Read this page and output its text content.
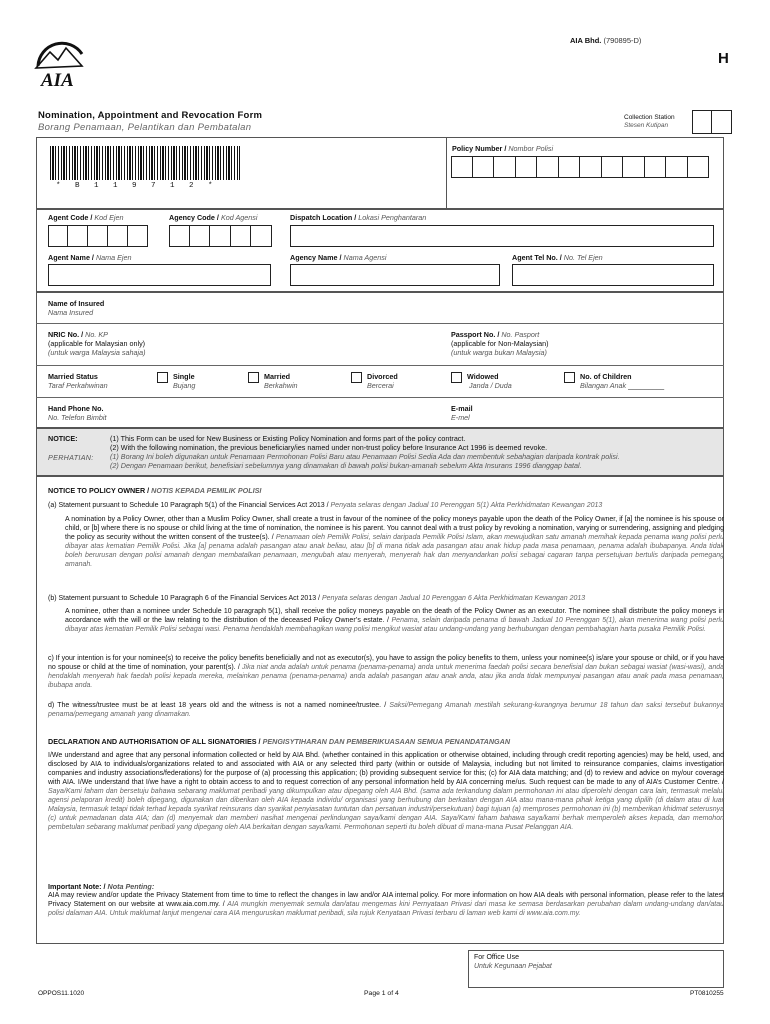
AIA
AIA Bhd. (790895-D)
H
Nomination, Appointment and Revocation Form
Borang Penamaan, Pelantikan dan Pembatalan
Collection Station
Stesen Kutipan
* B 1 1 9 7 1 2 *
Policy Number / Nombor Polisi
Agent Code / Kod Ejen	Agency Code / Kod Agensi	Dispatch Location / Lokasi Penghantaran
Agent Name / Nama Ejen	Agency Name / Nama Agensi	Agent Tel No. / No. Tel Ejen
Name of Insured
Nama Insured
NRIC No. / No. KP
(applicable for Malaysian only)
(untuk warga Malaysia sahaja)
Passport No. / No. Pasport
(applicable for Non-Malaysian)
(untuk warga bukan Malaysia)
Married Status
Taraf Perkahwinan
Single
Bujang
Married
Berkahwin
Divorced
Bercerai
Widowed
Janda / Duda
No. of Children
Bilangan Anak _________
Hand Phone No.
No. Telefon Bimbit
E-mail
E-mel
NOTICE:
PERHATIAN:
(1) This Form can be used for New Business or Existing Policy Nomination and forms part of the policy contract.
(2) With the following nomination, the previous beneficiary/ies named under non-trust policy before Insurance Act 1996 is deemed revoke.
(1) Borang Ini boleh digunakan untuk Penamaan Permohonan Polisi Baru atau Penamaan Polisi Sedia Ada dan membentuk sebahagian daripada kontrak polisi.
(2) Dengan Penamaan berikut, benefisiari sebelumnya yang dinamakan di bawah polisi bukan-amanah sebelum Akta Insurans 1996 dianggap batal.
NOTICE TO POLICY OWNER / NOTIS KEPADA PEMILIK POLISI
(a) Statement pursuant to Schedule 10 Paragraph 5(1) of the Financial Services Act 2013 / Penyata selaras dengan Jadual 10 Perenggan 5(1) Akta Perkhidmatan Kewangan 2013
A nomination by a Policy Owner, other than a Muslim Policy Owner, shall create a trust in favour of the nominee of the policy moneys payable upon the death of the Policy Owner, if [a] the nominee is his spouse or child, or [b] where there is no spouse or child living at the time of nomination, the nominee is his parent. You cannot deal with a trust policy by revoking a nomination, varying or surrendering, assigning and pledging the policy as security without the written consent of the trustee(s). / Penamaan oleh Pemilik Polisi, selain daripada Pemilik Polisi Islam, akan mewujudkan satu amanah memihak kepada penama wang polisi perlu dibayar atas kematian Pemilik Polisi. Jika [a] penama adalah pasangan atau anak beliau, atau [b] di mana tidak ada pasangan atau anak hidup pada masa penamaan, penama adalah ibubapanya. Anda tidak boleh berurusan dengan polisi amanah dengan membatalkan penamaan, mengubah atau menyerah, menyerah hak dan menyandarkan polisi sebagai cagaran tanpa persetujuan bertulis daripada pemegang amanah.
(b) Statement pursuant to Schedule 10 Paragraph 6 of the Financial Services Act 2013 / Penyata selaras dengan Jadual 10 Perenggan 6 Akta Perkhidmatan Kewangan 2013
A nominee, other than a nominee under Schedule 10 paragraph 5(1), shall receive the policy moneys payable on the death of the Policy Owner as an executor. The nominee shall distribute the policy moneys in accordance with the will or the law relating to the distribution of the deceased Policy Owner’s estate. / Penama, selain daripada penama di bawah Jadual 10 Perenggan 5(1), akan menerima wang polisi perlu dibayar atas kematian Pemilik Polisi sebagai wasi. Penama hendaklah membahagikan wang polisi mengikut wasiat atau undang-undang yang berhubungan dengan pembahagian harta pusaka Pemilik Polisi.
c) If your intention is for your nominee(s) to receive the policy benefits beneficially and not as executor(s), you have to assign the policy benefits to them, unless your nominee(s) is/are your spouse or child, or if you have no spouse or child at the time of nomination, your parent(s). / Jika niat anda adalah untuk penama (penama-penama) anda untuk menerima faedah polisi secara benefisial dan bukan sebagai wasiat (wasi-wasi), anda hendaklah menyerah hak faedah polisi kepada mereka, melainkan penama (penama-penama) anda adalah pasangan atau anak anda, atau jika anda tidak mempunyai pasangan atau anak pada masa penamaan, ibubapa anda.
d) The witness/trustee must be at least 18 years old and the witness is not a named nominee/trustee. / Saksi/Pemegang Amanah mestilah sekurang-kurangnya berumur 18 tahun dan saksi tersebut bukannya penama/pemegang amanah yang dinamakan.
DECLARATION AND AUTHORISATION OF ALL SIGNATORIES / PENGISYTIHARAN DAN PEMBERIKUASAAN SEMUA PENANDATANGAN
I/We understand and agree that any personal information collected or held by AIA Bhd. (whether contained in this application or otherwise obtained, including through credit reporting agencies) may be held, used, and disclosed by AIA to individuals/organizations related to and associated with AIA or any selected third party (within or outside of Malaysia, including but not limited to reinsurance companies, claims investigation companies and industry associations/federations) for the purpose of (a) processing this application; (b) providing subsequent service for this; (c) for AIA data matching; and (d) to review and advice on my/our coverage with AIA. I/We understand that I/we have a right to obtain access to and to request correction of any personal information held by AIA concerning me/us. Such request can be made to any of AIA’s Customer Centre. / Saya/Kami faham dan bersetuju bahawa sebarang maklumat peribadi yang dikumpulkan atau dipegang oleh AIA Bhd. (sama ada terkandung dalam permohonan ini atau diperolehi dengan cara lain, termasuk melalui agensi pelaporan kredit) boleh dipegang, digunakan dan diberikan oleh AIA kepada individu/ organisasi yang berhubung dan berkaitan dengan AIA atau mana-mana pihak ketiga yang dipilih (di dalam atau di luar Malaysia, termasuk tetapi tidak terhad kepada syarikat reinsurans dan syarikat penyiasatan tuntutan dan persatuan industri/persekutuan) bagi tujuan (a) memproses permohonan ini (b) memberikan khidmat seterusnya (c) untuk pemadanan data AIA; dan (d) menyemak dan memberi nasihat mengenai perlindungan saya/kami dengan AIA. Saya/Kami faham bahawa saya/kami berhak memperoleh akses kepada, dan memohon pembetulan sebarang maklumat peribadi yang dipegang oleh AIA berkaitan dengan saya/kami. Permohonan seperti itu boleh dibuat di mana-mana Pusat Pelanggan AIA.
Important Note: / Nota Penting:
AIA may review and/or update the Privacy Statement from time to time to reflect the changes in law and/or AIA internal policy. For more information on how AIA deals with personal information, please refer to the latest Privacy Statement on our website at www.aia.com.my. / AIA mungkin menyemak semula dan/atau mengemas kini Pernyataan Privasi dari masa ke semasa berdasarkan perubahan dalam undang-undang dan/atau polisi dalaman AIA. Untuk maklumat lanjut mengenai cara AIA menguruskan maklumat peribadi, sila rujuk Kenyataan Privasi terbaru di laman web kami di www.aia.com.my.
For Office Use
Untuk Kegunaan Pejabat
OPPOS11.1020	Page 1 of 4	PT0810255
